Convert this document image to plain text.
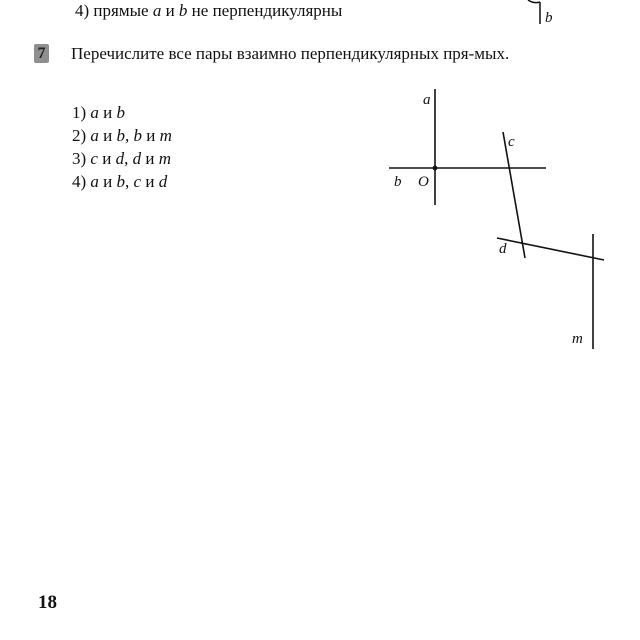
4) прямые a и b не перпендикулярны
7 Перечислите все пары взаимно перпендикулярных пря-мых.
1) a и b
2) a и b, b и m
3) c и d, d и m
4) a и b, c и d
b
a
b O
c
d
m
18
